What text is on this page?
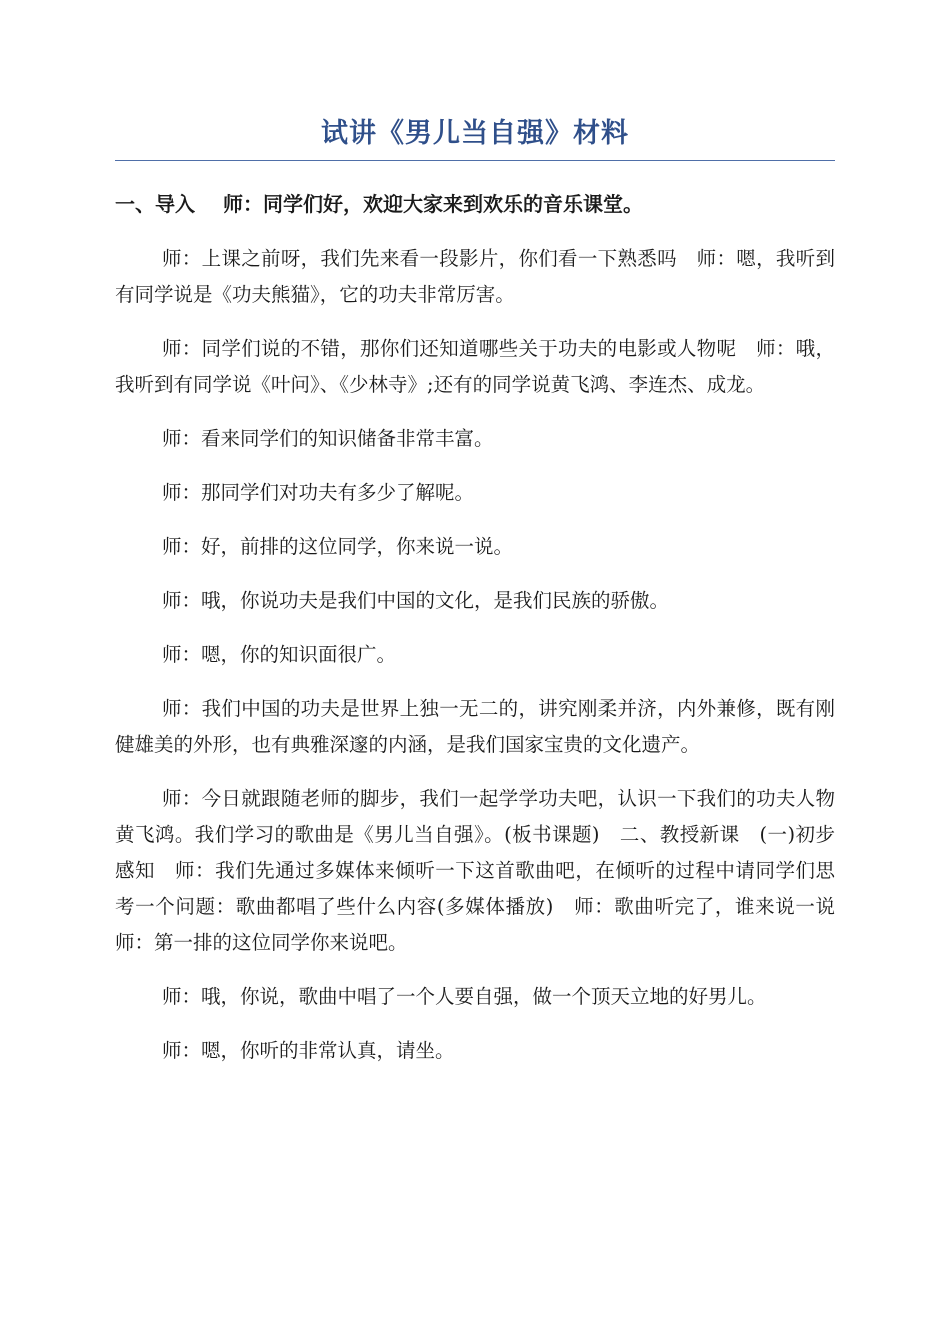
试讲《男儿当自强》材料

一、导入 师：同学们好，欢迎大家来到欢乐的音乐课堂。

师：上课之前呀，我们先来看一段影片，你们看一下熟悉吗　师：嗯，我听到有同学说是《功夫熊猫》，它的功夫非常厉害。

师：同学们说的不错，那你们还知道哪些关于功夫的电影或人物呢　师：哦，我听到有同学说《叶问》、《少林寺》;还有的同学说黄飞鸿、李连杰、成龙。

师：看来同学们的知识储备非常丰富。

师：那同学们对功夫有多少了解呢。

师：好，前排的这位同学，你来说一说。

师：哦，你说功夫是我们中国的文化，是我们民族的骄傲。

师：嗯，你的知识面很广。

师：我们中国的功夫是世界上独一无二的，讲究刚柔并济，内外兼修，既有刚健雄美的外形，也有典雅深邃的内涵，是我们国家宝贵的文化遗产。

师：今日就跟随老师的脚步，我们一起学学功夫吧，认识一下我们的功夫人物黄飞鸿。我们学习的歌曲是《男儿当自强》。(板书课题)　二、教授新课　(一)初步感知　师：我们先通过多媒体来倾听一下这首歌曲吧，在倾听的过程中请同学们思考一个问题：歌曲都唱了些什么内容(多媒体播放)　师：歌曲听完了，谁来说一说　师：第一排的这位同学你来说吧。

师：哦，你说，歌曲中唱了一个人要自强，做一个顶天立地的好男儿。

师：嗯，你听的非常认真，请坐。
